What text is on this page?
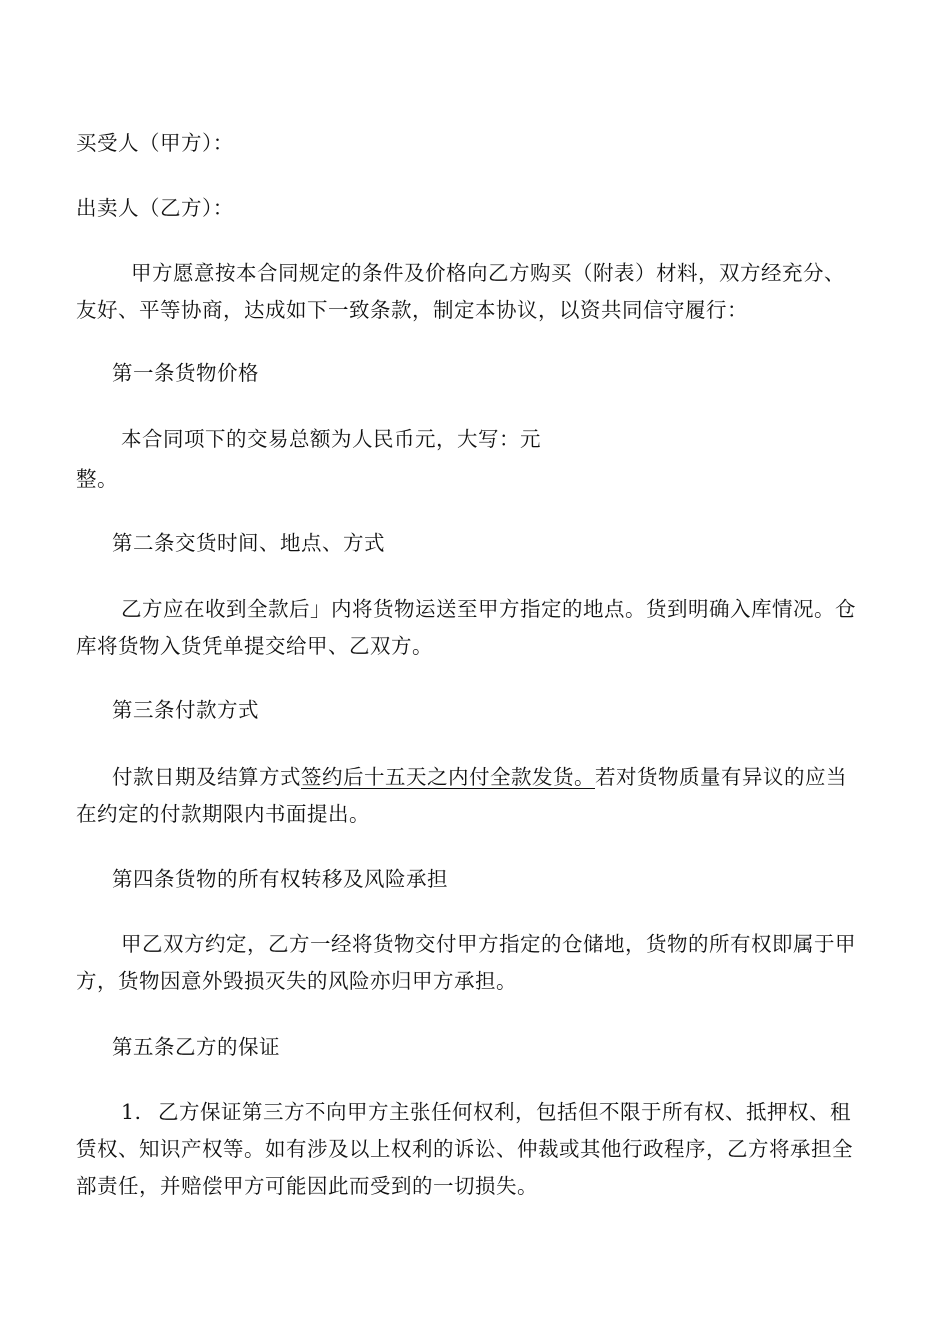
买受人（甲方）：
出卖人（乙方）：
甲方愿意按本合同规定的条件及价格向乙方购买（附表）材料，双方经充分、
友好、平等协商，达成如下一致条款，制定本协议，以资共同信守履行：
第一条货物价格
本合同项下的交易总额为人民币元，大写：元
整。
第二条交货时间、地点、方式
乙方应在收到全款后」内将货物运送至甲方指定的地点。货到明确入库情况。仓
库将货物入货凭单提交给甲、乙双方。
第三条付款方式
付款日期及结算方式签约后十五天之内付全款发货。若对货物质量有异议的应当
在约定的付款期限内书面提出。
第四条货物的所有权转移及风险承担
甲乙双方约定，乙方一经将货物交付甲方指定的仓储地，货物的所有权即属于甲
方，货物因意外毁损灭失的风险亦归甲方承担。
第五条乙方的保证
1. 乙方保证第三方不向甲方主张任何权利，包括但不限于所有权、抵押权、租
赁权、知识产权等。如有涉及以上权利的诉讼、仲裁或其他行政程序，乙方将承担全
部责任，并赔偿甲方可能因此而受到的一切损失。
